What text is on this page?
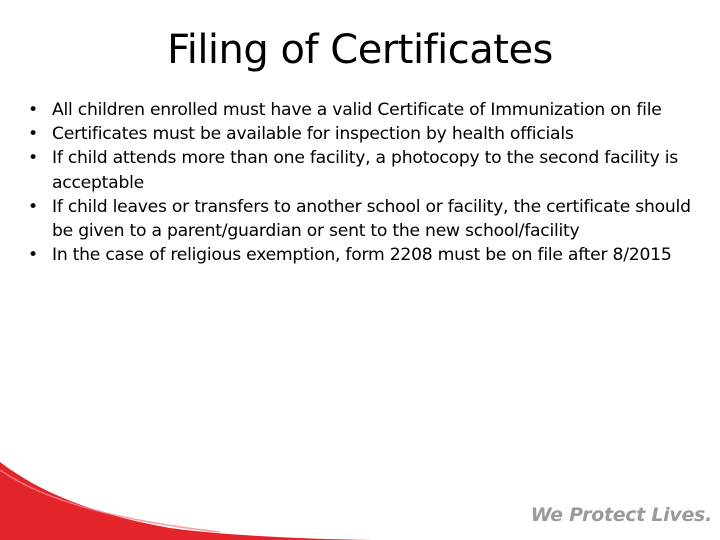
Filing of Certificates
• All children enrolled must have a valid Certificate of Immunization on file
• Certificates must be available for inspection by health officials
• If child attends more than one facility, a photocopy to the second facility is acceptable
• If child leaves or transfers to another school or facility, the certificate should be given to a parent/guardian or sent to the new school/facility
• In the case of religious exemption, form 2208 must be on file after 8/2015
We Protect Lives.
